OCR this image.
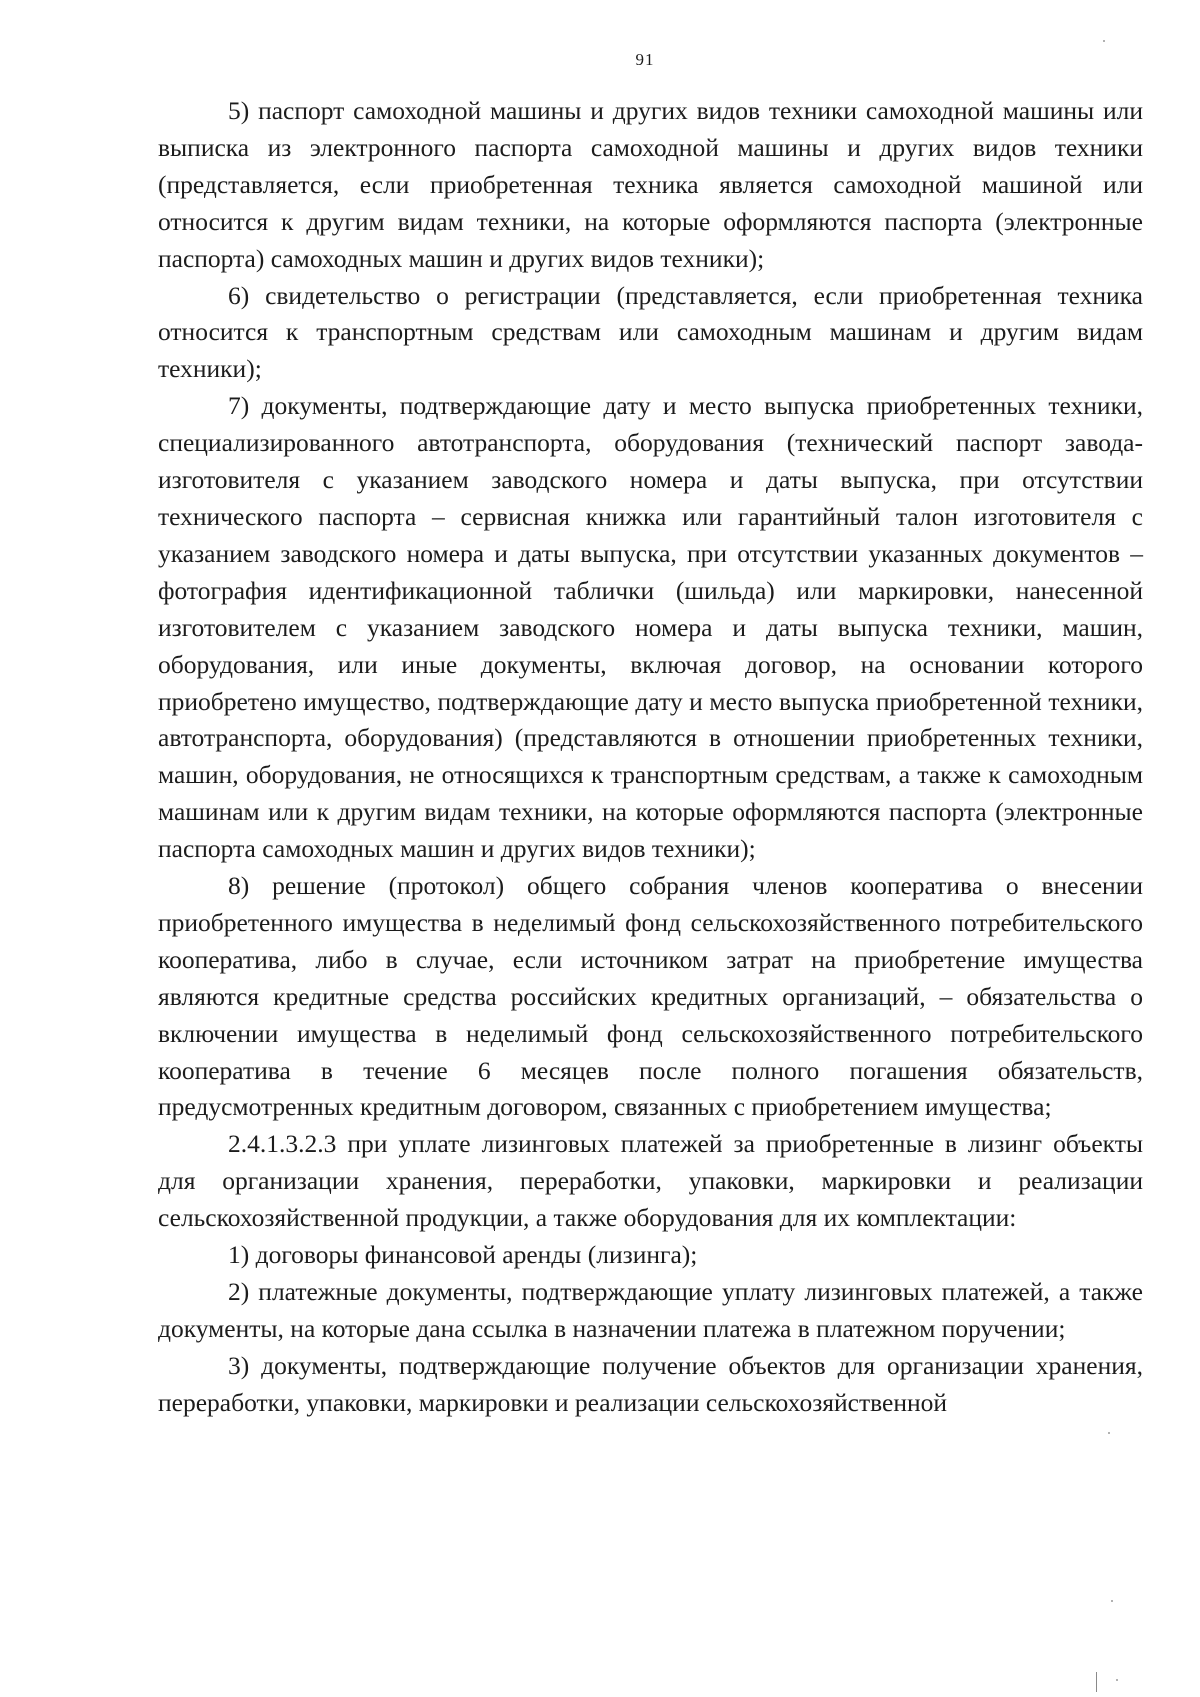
91

5) паспорт самоходной машины и других видов техники самоходной машины или выписка из электронного паспорта самоходной машины и других видов техники (представляется, если приобретенная техника является самоходной машиной или относится к другим видам техники, на которые оформляются паспорта (электронные паспорта) самоходных машин и других видов техники);

6) свидетельство о регистрации (представляется, если приобретенная техника относится к транспортным средствам или самоходным машинам и другим видам техники);

7) документы, подтверждающие дату и место выпуска приобретенных техники, специализированного автотранспорта, оборудования (технический паспорт завода-изготовителя с указанием заводского номера и даты выпуска, при отсутствии технического паспорта – сервисная книжка или гарантийный талон изготовителя с указанием заводского номера и даты выпуска, при отсутствии указанных документов – фотография идентификационной таблички (шильда) или маркировки, нанесенной изготовителем с указанием заводского номера и даты выпуска техники, машин, оборудования, или иные документы, включая договор, на основании которого приобретено имущество, подтверждающие дату и место выпуска приобретенной техники, автотранспорта, оборудования) (представляются в отношении приобретенных техники, машин, оборудования, не относящихся к транспортным средствам, а также к самоходным машинам или к другим видам техники, на которые оформляются паспорта (электронные паспорта самоходных машин и других видов техники);

8) решение (протокол) общего собрания членов кооператива о внесении приобретенного имущества в неделимый фонд сельскохозяйственного потребительского кооператива, либо в случае, если источником затрат на приобретение имущества являются кредитные средства российских кредитных организаций, – обязательства о включении имущества в неделимый фонд сельскохозяйственного потребительского кооператива в течение 6 месяцев после полного погашения обязательств, предусмотренных кредитным договором, связанных с приобретением имущества;

2.4.1.3.2.3 при уплате лизинговых платежей за приобретенные в лизинг объекты для организации хранения, переработки, упаковки, маркировки и реализации сельскохозяйственной продукции, а также оборудования для их комплектации:

1) договоры финансовой аренды (лизинга);

2) платежные документы, подтверждающие уплату лизинговых платежей, а также документы, на которые дана ссылка в назначении платежа в платежном поручении;

3) документы, подтверждающие получение объектов для организации хранения, переработки, упаковки, маркировки и реализации сельскохозяйственной
